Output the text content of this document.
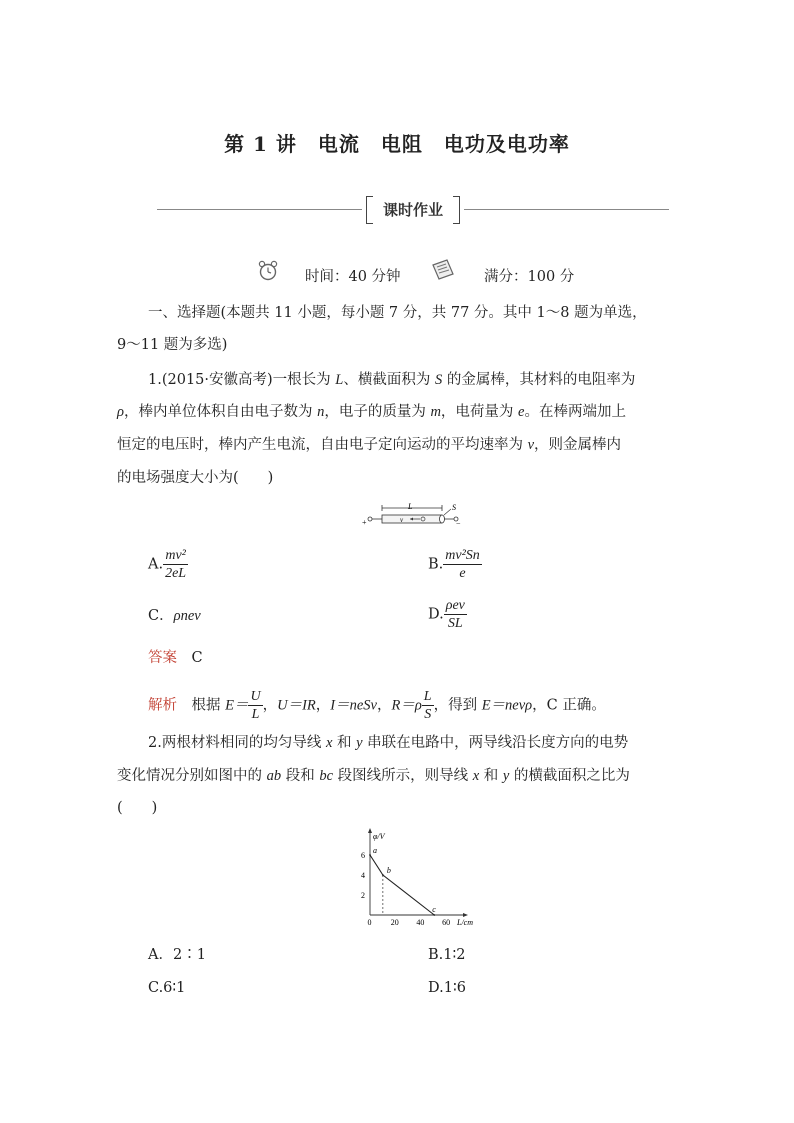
第 1 讲　电流　电阻　电功及电功率
课时作业
时间：40 分钟	满分：100 分
一、选择题(本题共 11 小题，每小题 7 分，共 77 分。其中 1～8 题为单选，
9～11 题为多选)
1.(2015·安徽高考)一根长为 L、横截面积为 S 的金属棒，其材料的电阻率为
ρ，棒内单位体积自由电子数为 n，电子的质量为 m，电荷量为 e。在棒两端加上
恒定的电压时，棒内产生电流，自由电子定向运动的平均速率为 v，则金属棒内
的电场强度大小为(　　)
L
v
+	−
S
A. $\frac{\text{mv²}}{2eL}$	B. $\frac{\text{mv²Sn}}{e}$
C．ρnev	D. $\frac{\text{ρev}}{SL}$
答案　 C
解析　 根据 $E= \frac{U}{L}$ ，U＝IR，I＝neSv，$R=\rho \frac{L}{S}$ ，得到 E＝nevρ，C 正确。
2.两根材料相同的均匀导线 x 和 y 串联在电路中，两导线沿长度方向的电势
变化情况分别如图中的 ab 段和 bc 段图线所示，则导线 x 和 y 的横截面积之比为
(　　)
φ/V
L/cm
0 20 40 60
2
4
6
a
b
c
A．2∶1	B.1∶2
C.6∶1	D.1∶6
